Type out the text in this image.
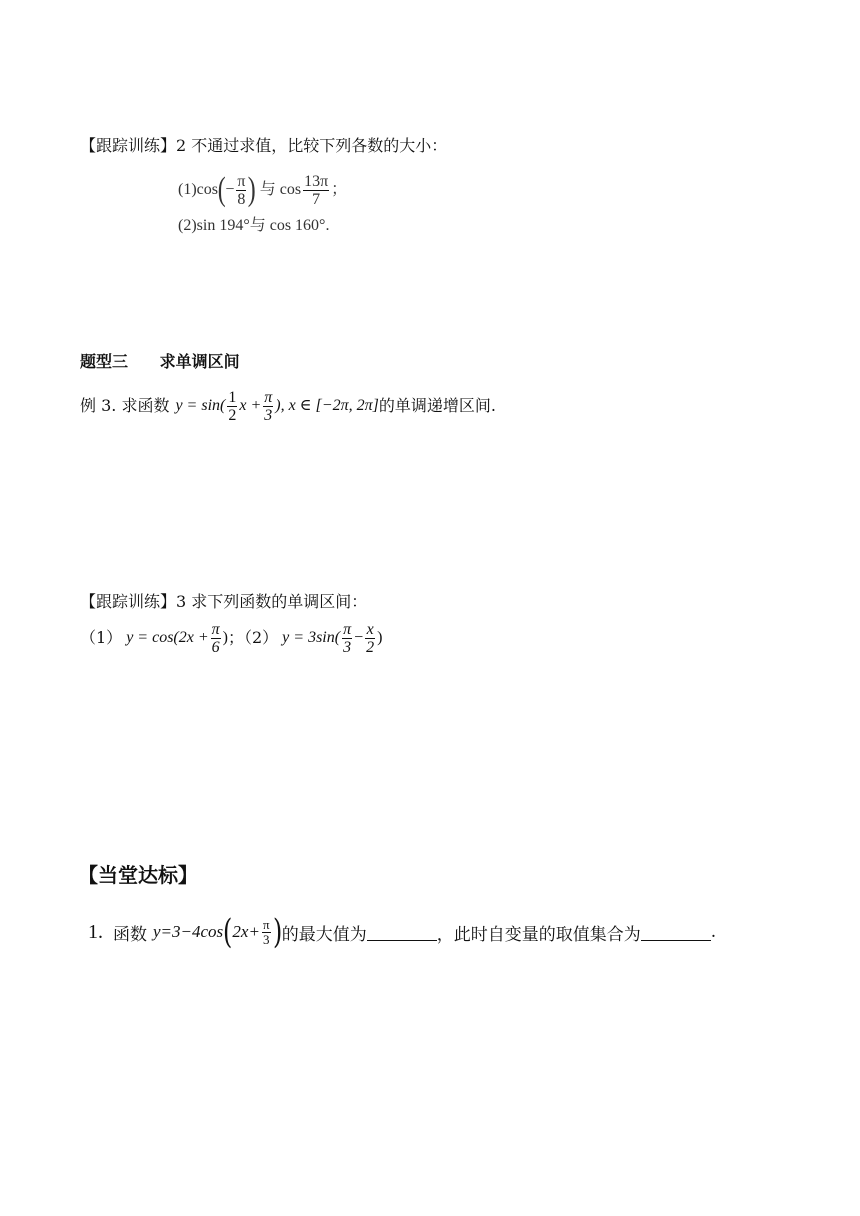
【跟踪训练】2 不通过求值，比较下列各数的大小：
(1)cos ( − $\frac{\pi}{8}$ ) 与 $\cos \frac{13\pi}{7}$ ；
(2)sin 194°与 cos 160°.
题型三 求单调区间
例 3. 求函数 $y = \sin( \frac{1}{2}$ $x + \frac{\pi}{3}$ ), x ∈ [−2π, 2π] 的单调递增区间.
【跟踪训练】3 求下列函数的单调区间：
（1） $y = \cos(2x + \frac{\pi}{6}$ ) ；（2） $y = 3\sin( \frac{\pi}{3} - \frac{x}{2}$ )
【当堂达标】
1. 函数 y=3−4cos ( $2x+ \frac{\pi}{3}$ ) 的最大值为	，此时自变量的取值集合为	.
